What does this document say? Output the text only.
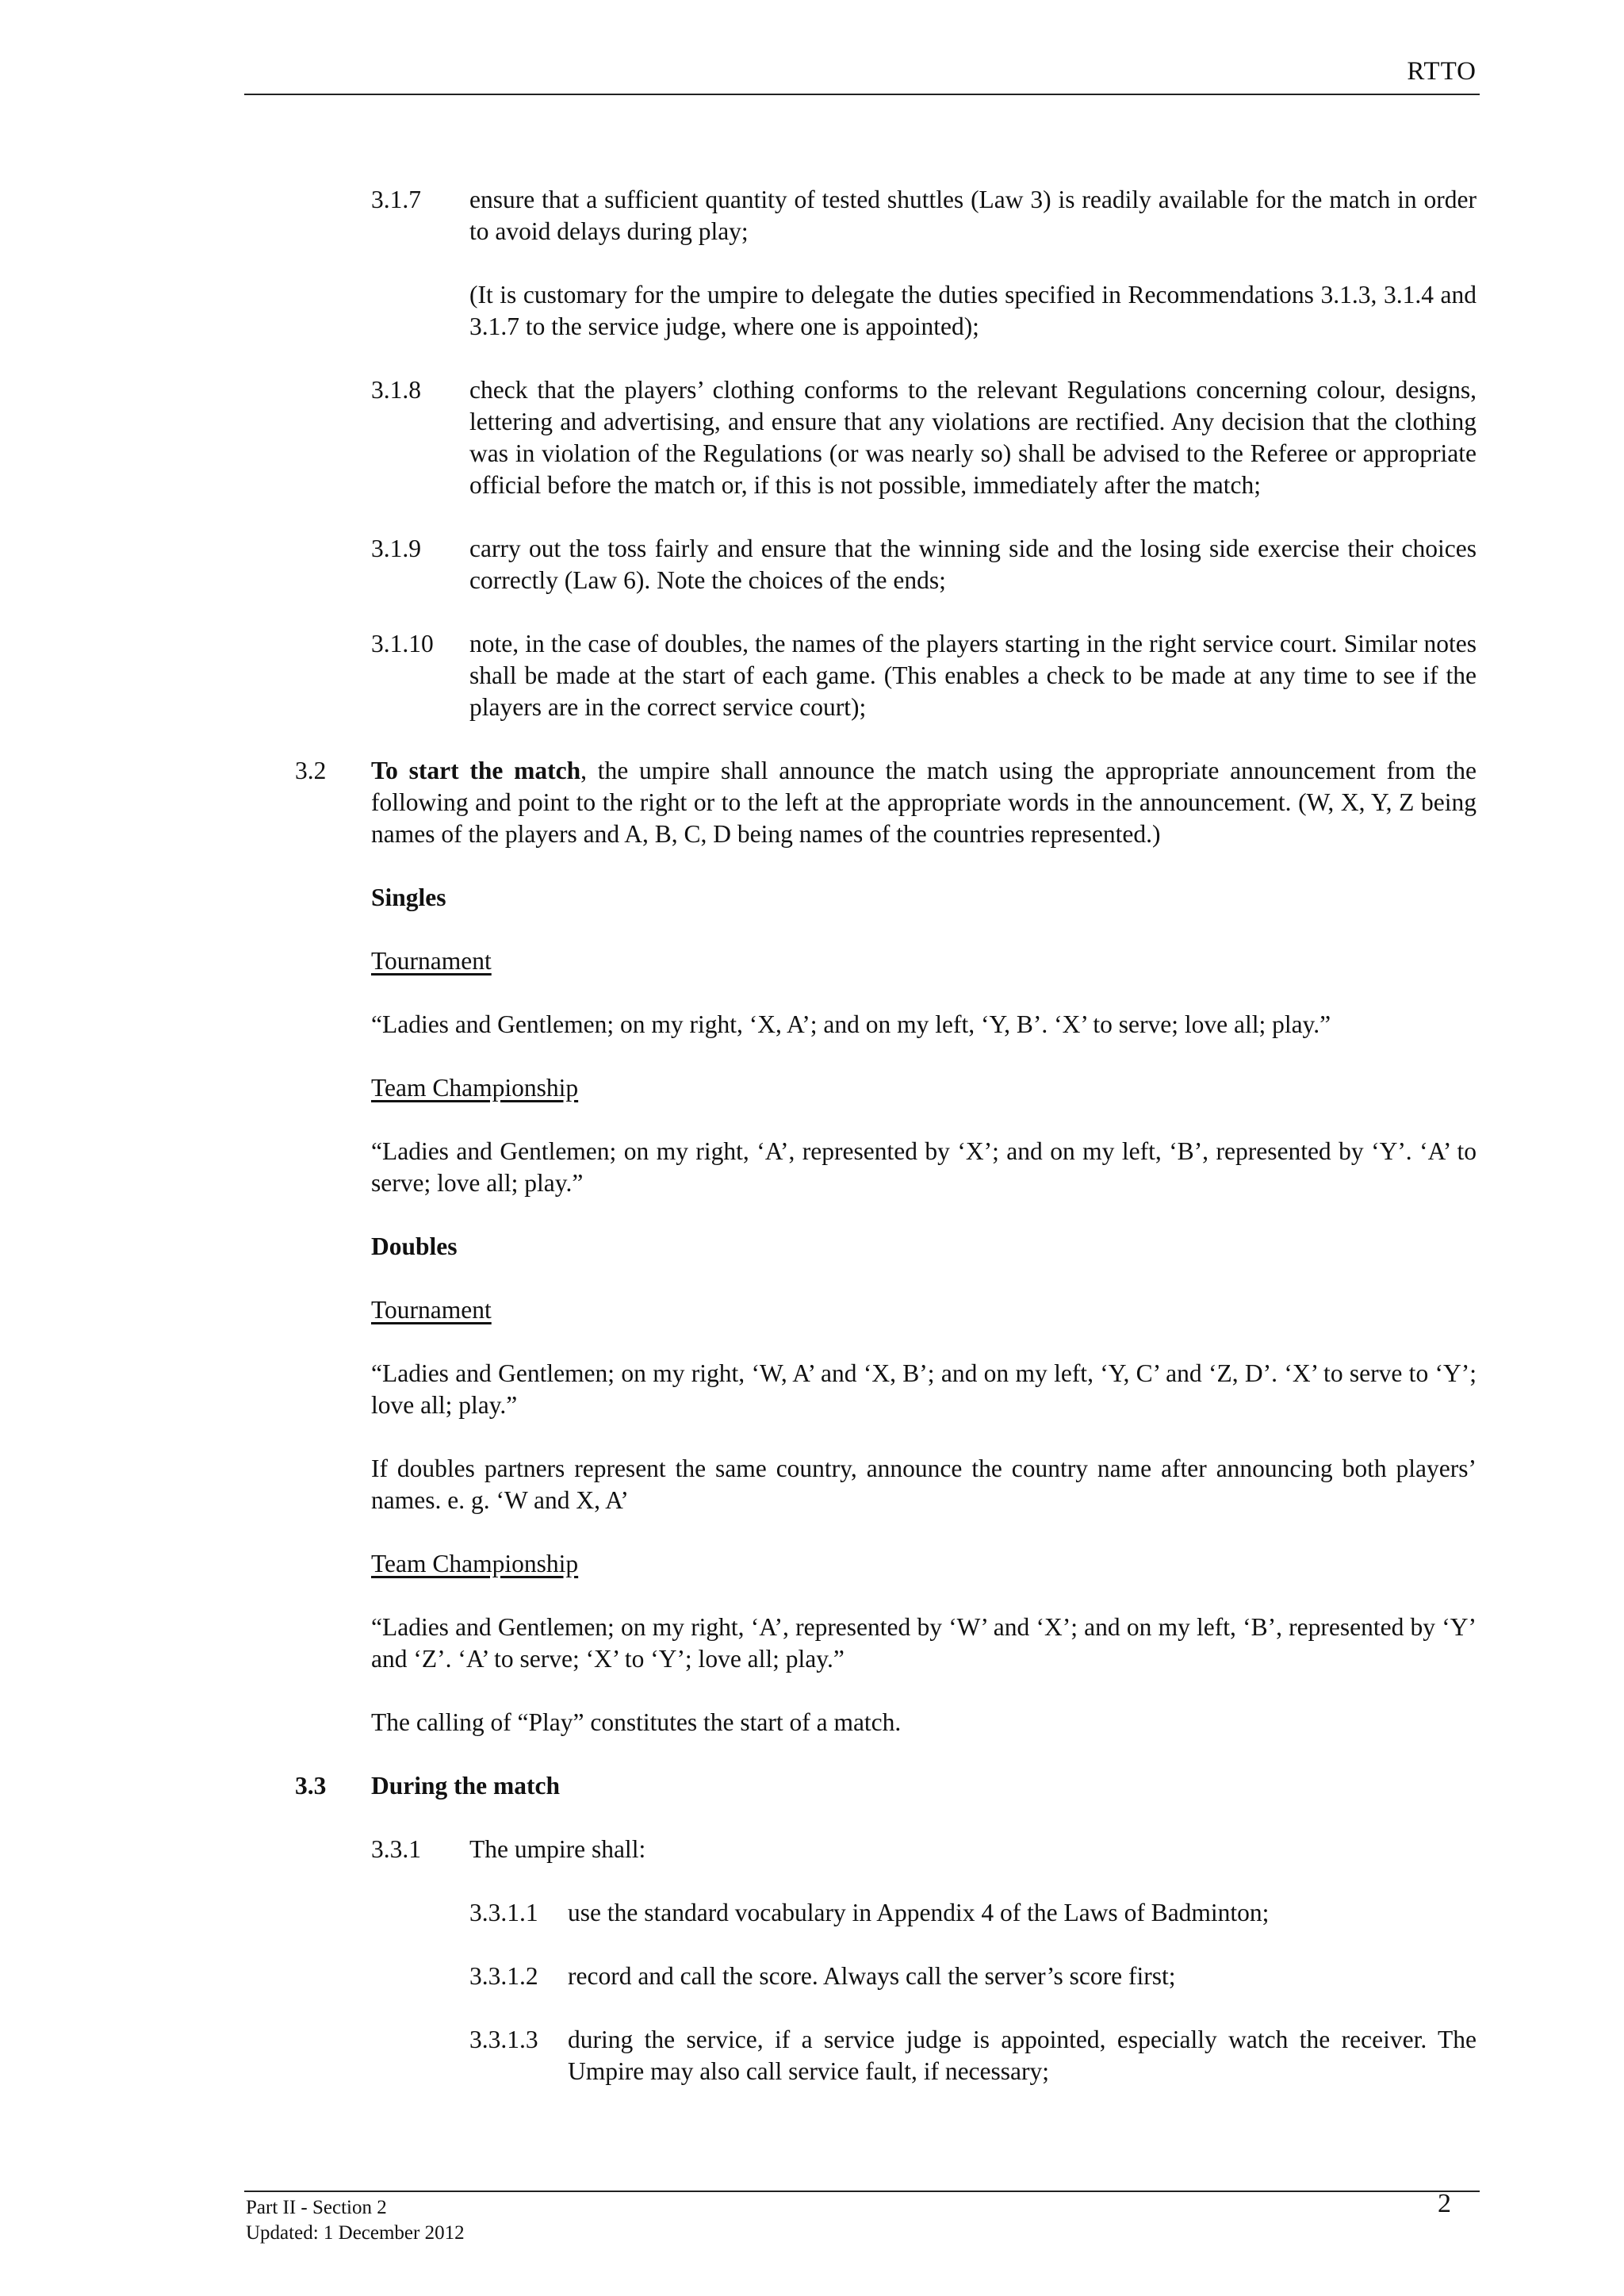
RTTO
3.1.7 ensure that a sufficient quantity of tested shuttles (Law 3) is readily available for the match in order to avoid delays during play;

(It is customary for the umpire to delegate the duties specified in Recommendations 3.1.3, 3.1.4 and 3.1.7 to the service judge, where one is appointed);

3.1.8 check that the players’ clothing conforms to the relevant Regulations concerning colour, designs, lettering and advertising, and ensure that any violations are rectified. Any decision that the clothing was in violation of the Regulations (or was nearly so) shall be advised to the Referee or appropriate official before the match or, if this is not possible, immediately after the match;

3.1.9 carry out the toss fairly and ensure that the winning side and the losing side exercise their choices correctly (Law 6). Note the choices of the ends;

3.1.10 note, in the case of doubles, the names of the players starting in the right service court. Similar notes shall be made at the start of each game. (This enables a check to be made at any time to see if the players are in the correct service court);

3.2 To start the match, the umpire shall announce the match using the appropriate announcement from the following and point to the right or to the left at the appropriate words in the announcement. (W, X, Y, Z being names of the players and A, B, C, D being names of the countries represented.)

Singles

Tournament

“Ladies and Gentlemen; on my right, ‘X, A’; and on my left, ‘Y, B’. ‘X’ to serve; love all; play.”

Team Championship

“Ladies and Gentlemen; on my right, ‘A’, represented by ‘X’; and on my left, ‘B’, represented by ‘Y’. ‘A’ to serve; love all; play.”

Doubles

Tournament

“Ladies and Gentlemen; on my right, ‘W, A’ and ‘X, B’; and on my left, ‘Y, C’ and ‘Z, D’. ‘X’ to serve to ‘Y’; love all; play.”

If doubles partners represent the same country, announce the country name after announcing both players’ names. e. g. ‘W and X, A’

Team Championship

“Ladies and Gentlemen; on my right, ‘A’, represented by ‘W’ and ‘X’; and on my left, ‘B’, represented by ‘Y’ and ‘Z’. ‘A’ to serve; ‘X’ to ‘Y’; love all; play.”

The calling of “Play” constitutes the start of a match.

3.3 During the match

3.3.1 The umpire shall:

3.3.1.1 use the standard vocabulary in Appendix 4 of the Laws of Badminton;

3.3.1.2 record and call the score. Always call the server’s score first;

3.3.1.3 during the service, if a service judge is appointed, especially watch the receiver. The Umpire may also call service fault, if necessary;

Part II - Section 2
Updated: 1 December 2012
2
